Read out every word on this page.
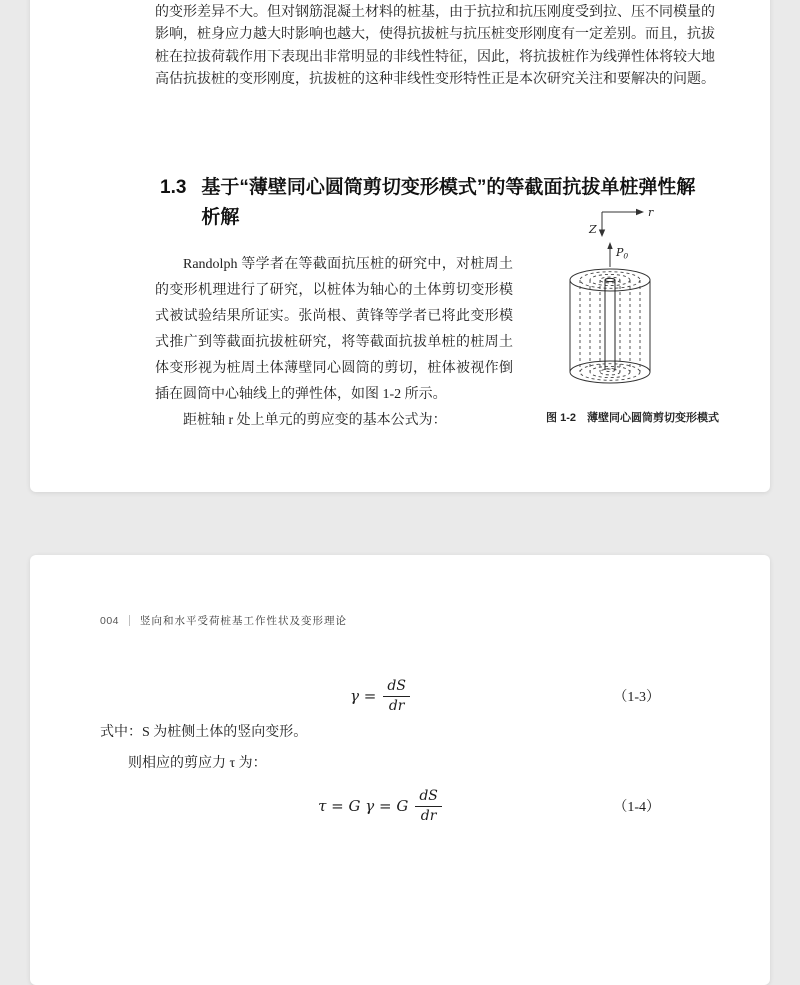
的变形差异不大。但对钢筋混凝土材料的桩基，由于抗拉和抗压刚度受到拉、压不同模量的影响，桩身应力越大时影响也越大，使得抗拔桩与抗压桩变形刚度有一定差别。而且，抗拔桩在拉拔荷载作用下表现出非常明显的非线性特征，因此，将抗拔桩作为线弹性体将较大地高估抗拔桩的变形刚度，抗拔桩的这种非线性变形特性正是本次研究关注和要解决的问题。
1.3 基于“薄壁同心圆筒剪切变形模式”的等截面抗拔单桩弹性解析解

Randolph 等学者在等截面抗压桩的研究中，对桩周土的变形机理进行了研究，以桩体为轴心的土体剪切变形模式被试验结果所证实。张尚根、黄锋等学者已将此变形模式推广到等截面抗拔桩研究，将等截面抗拔单桩的桩周土体变形视为桩周土体薄壁同心圆筒的剪切，桩体被视作倒插在圆筒中心轴线上的弹性体，如图 1-2 所示。

距桩轴 r 处上单元的剪应变的基本公式为：

r
Z
$P_0$
图 1-2　薄壁同心圆筒剪切变形模式
004 竖向和水平受荷桩基工作性状及变形理论
$\gamma = \frac{dS}{dr}$	（1-3）
式中：S 为桩侧土体的竖向变形。
则相应的剪应力 τ 为：
τ = G γ = G $\frac{dS}{dr}$	（1-4）
